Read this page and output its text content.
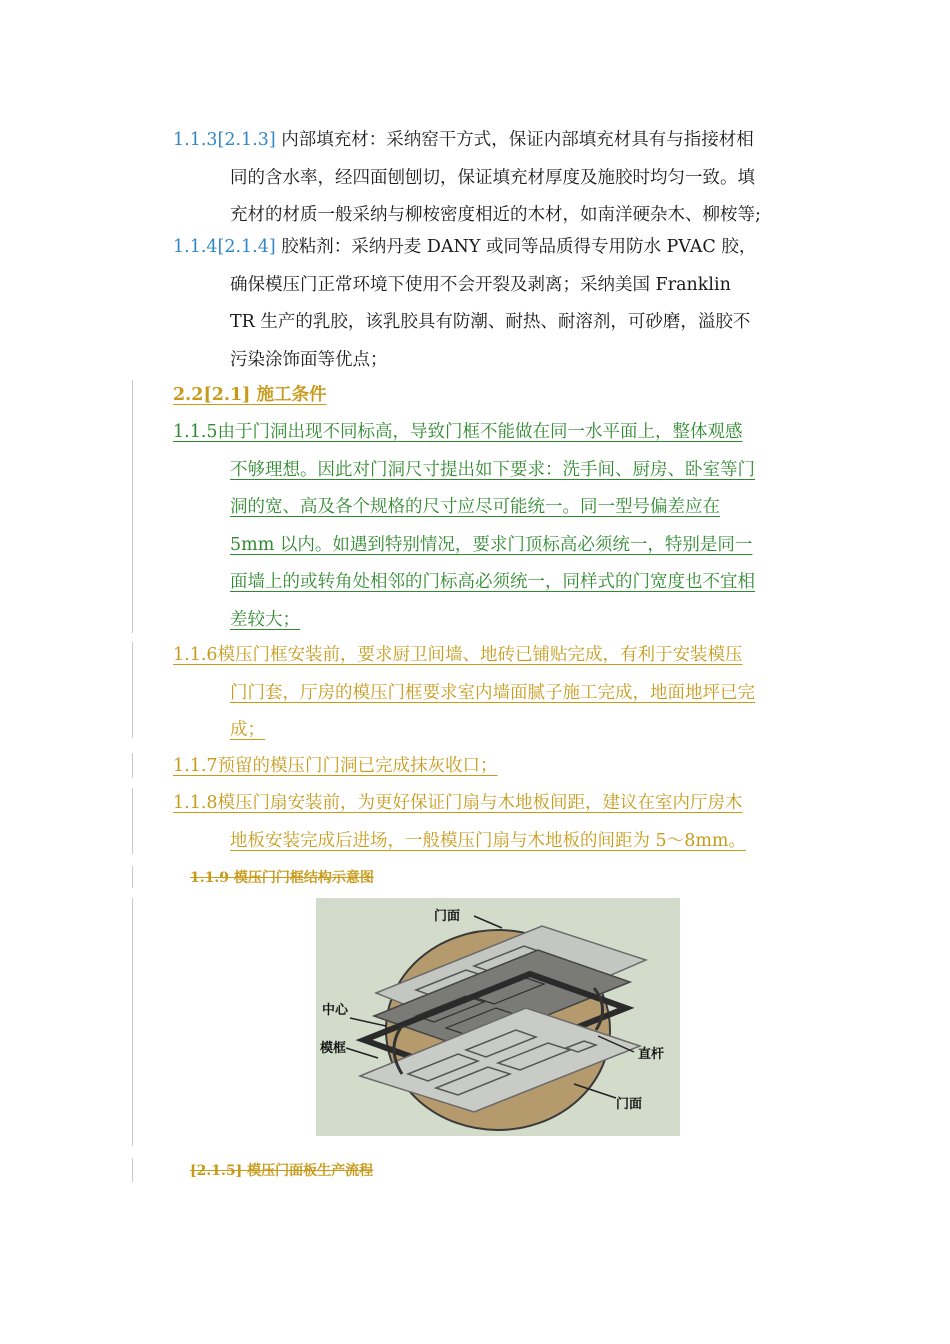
1.1.3[2.1.3] 内部填充材：采纳窑干方式，保证内部填充材具有与指接材相
同的含水率，经四面刨刨切，保证填充材厚度及施胶时均匀一致。填
充材的材质一般采纳与柳桉密度相近的木材，如南洋硬杂木、柳桉等;
1.1.4[2.1.4] 胶粘剂：采纳丹麦 DANY 或同等品质得专用防水 PVAC 胶，
确保模压门正常环境下使用不会开裂及剥离；采纳美国 Franklin
TR 生产的乳胶，该乳胶具有防潮、耐热、耐溶剂，可砂磨，溢胶不
污染涂饰面等优点；
2.2[2.1] 施工条件
1.1.5由于门洞出现不同标高，导致门框不能做在同一水平面上，整体观感
不够理想。因此对门洞尺寸提出如下要求：洗手间、厨房、卧室等门
洞的宽、高及各个规格的尺寸应尽可能统一。同一型号偏差应在
5mm 以内。如遇到特别情况，要求门顶标高必须统一，特别是同一
面墙上的或转角处相邻的门标高必须统一，同样式的门宽度也不宜相
差较大；
1.1.6模压门框安装前，要求厨卫间墙、地砖已铺贴完成，有利于安装模压
门门套，厅房的模压门框要求室内墙面腻子施工完成，地面地坪已完
成；
1.1.7预留的模压门门洞已完成抹灰收口；
1.1.8模压门扇安装前，为更好保证门扇与木地板间距，建议在室内厅房木
地板安装完成后进场，一般模压门扇与木地板的间距为 5～8mm。
1.1.9 模压门门框结构示意图
门面
中心
模框	直杆
门面
[2.1.5] 模压门面板生产流程
